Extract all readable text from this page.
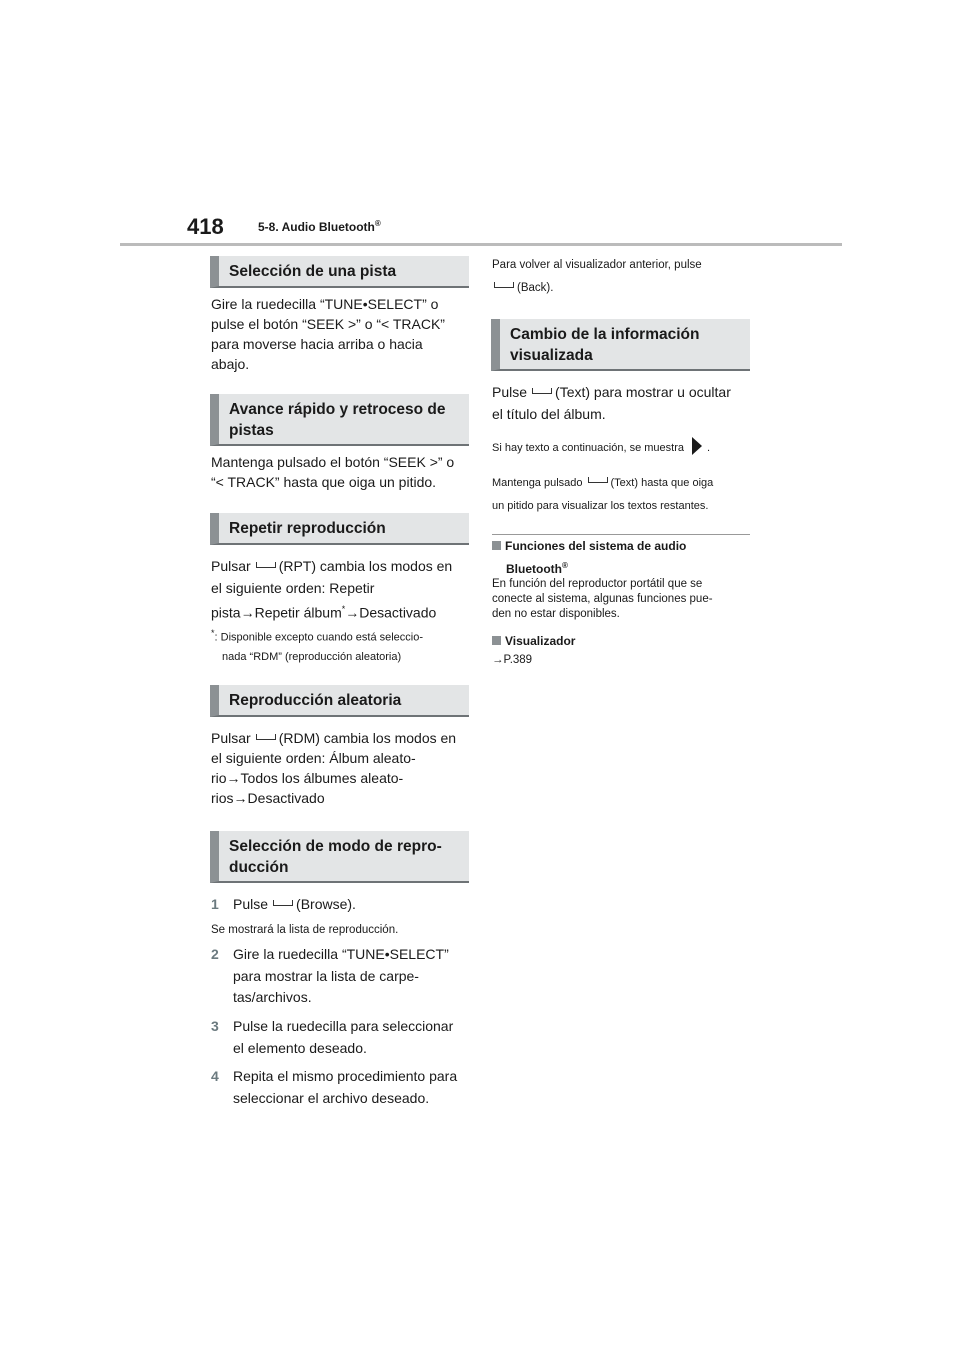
418	5-8. Audio Bluetooth®
Selección de una pista
Gire la ruedecilla “TUNE•SELECT” o
pulse el botón “SEEK >” o “< TRACK”
para moverse hacia arriba o hacia
abajo.
Avance rápido y retroceso de
pistas
Mantenga pulsado el botón “SEEK >” o
“< TRACK” hasta que oiga un pitido.
Repetir reproducción
Pulsar (RPT) cambia los modos en
el siguiente orden: Repetir
pista→Repetir álbum*→Desactivado
*: Disponible excepto cuando está seleccio-
nada “RDM” (reproducción aleatoria)
Reproducción aleatoria
Pulsar (RDM) cambia los modos en
el siguiente orden: Álbum aleato-
rio→Todos los álbumes aleato-
rios→Desactivado
Selección de modo de repro-
ducción
1 Pulse (Browse).
Se mostrará la lista de reproducción.
2 Gire la ruedecilla “TUNE•SELECT”
para mostrar la lista de carpe-
tas/archivos.
3 Pulse la ruedecilla para seleccionar
el elemento deseado.
4 Repita el mismo procedimiento para
seleccionar el archivo deseado.
Para volver al visualizador anterior, pulse
(Back).
Cambio de la información
visualizada
Pulse (Text) para mostrar u ocultar
el título del álbum.
Si hay texto a continuación, se muestra .
Mantenga pulsado	(Text) hasta que oiga
un pitido para visualizar los textos restantes.
Funciones del sistema de audio
Bluetooth®
En función del reproductor portátil que se
conecte al sistema, algunas funciones pue-
den no estar disponibles.
Visualizador
→P.389
